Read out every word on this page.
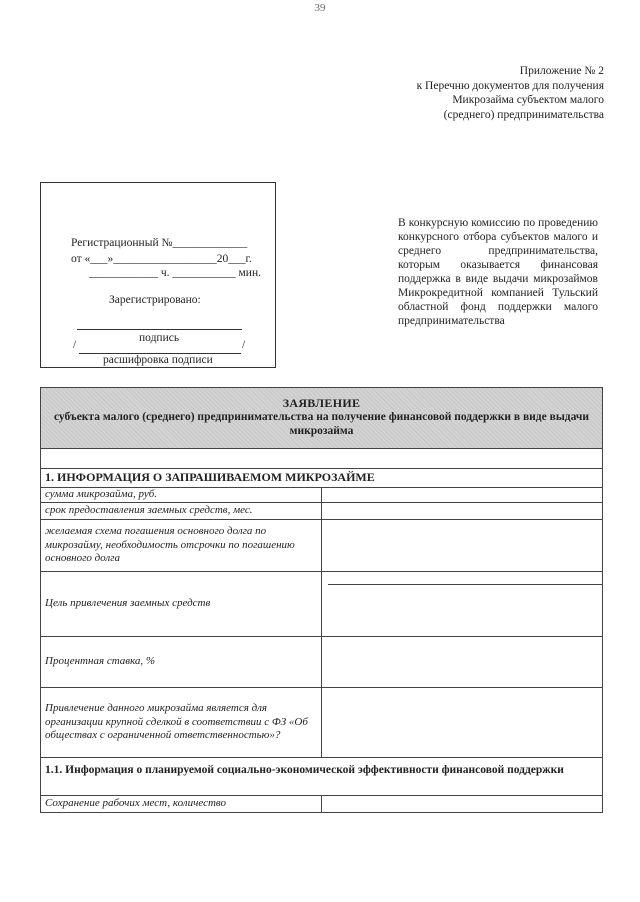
39
Приложение № 2
к Перечню документов для получения
Микрозайма субъектом малого
(среднего) предпринимательства
Регистрационный №_____________
от «___»__________________20___г.
____________ ч. ___________ мин.
Зарегистрировано:
подпись
/	/
расшифровка подписи
В конкурсную комиссию по проведению конкурсного отбора субъектов малого и среднего предпринимательства, которым оказывается финансовая поддержка в виде выдачи микрозаймов Микрокредитной компанией Тульский областной фонд поддержки малого предпринимательства
ЗАЯВЛЕНИЕ
субъекта малого (среднего) предпринимательства на получение финансовой поддержки в виде выдачи микрозайма
1. ИНФОРМАЦИЯ О ЗАПРАШИВАЕМОМ МИКРОЗАЙМЕ	
сумма микрозайма, руб.	
срок предоставления заемных средств, мес.	
желаемая схема погашения основного долга по микрозайму, необходимость отсрочки по погашению основного долга	
Цель привлечения заемных средств	

Процентная ставка, %	
Привлечение данного микрозайма является для организации крупной сделкой в соответствии с ФЗ «Об обществах с ограниченной ответственностью»?	
1.1. Информация о планируемой социально-экономической эффективности финансовой поддержки	
Сохранение рабочих мест, количество	
